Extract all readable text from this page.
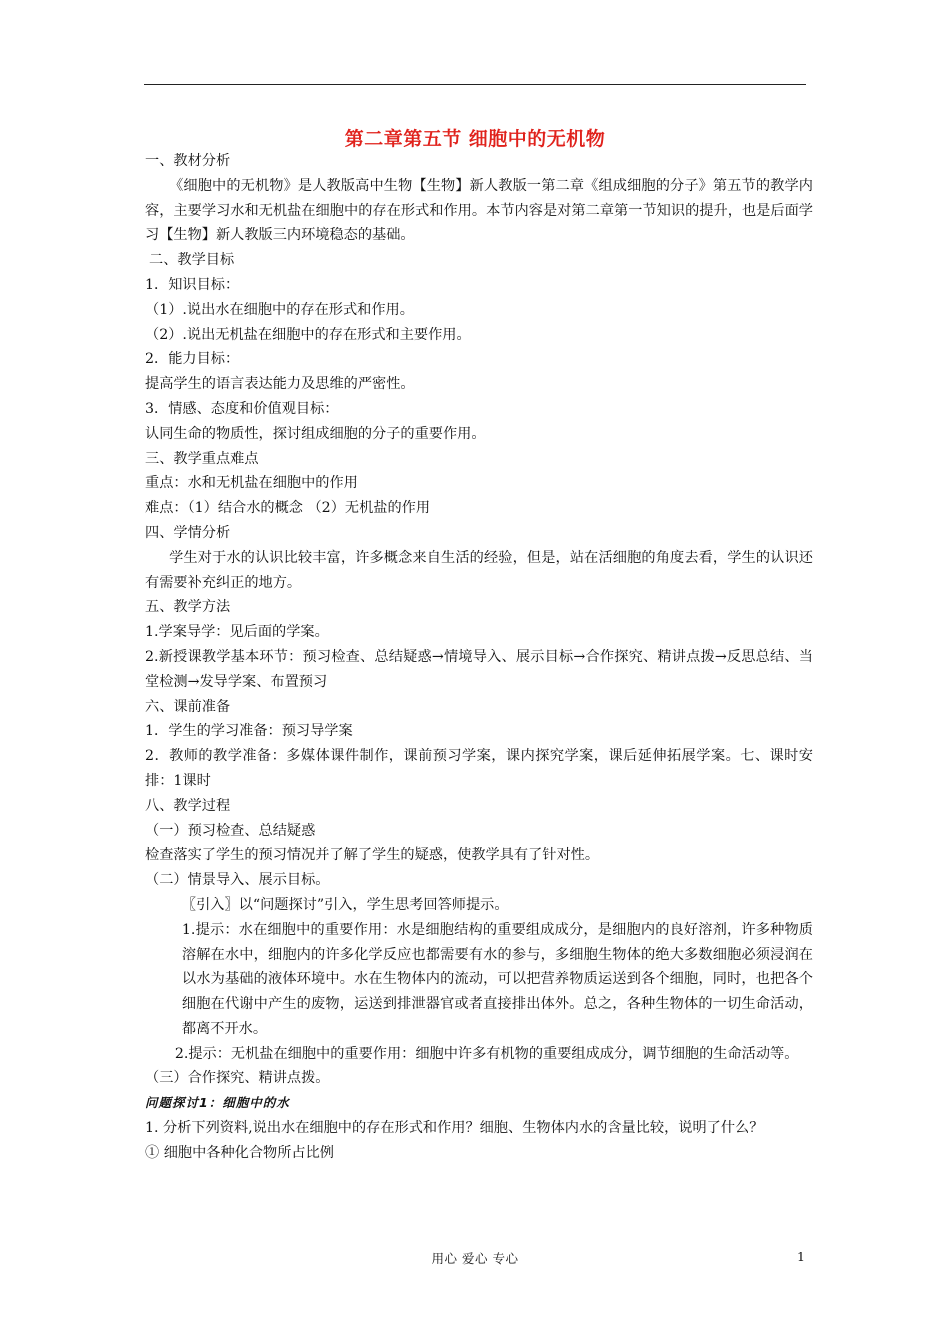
第二章第五节 细胞中的无机物

一、教材分析

《细胞中的无机物》是人教版高中生物【生物】新人教版一第二章《组成细胞的分子》第五节的教学内容，主要学习水和无机盐在细胞中的存在形式和作用。本节内容是对第二章第一节知识的提升，也是后面学习【生物】新人教版三内环境稳态的基础。

二、教学目标

1．知识目标：

（1）.说出水在细胞中的存在形式和作用。

（2）.说出无机盐在细胞中的存在形式和主要作用。

2．能力目标：

提高学生的语言表达能力及思维的严密性。

3．情感、态度和价值观目标：

认同生命的物质性，探讨组成细胞的分子的重要作用。

三、教学重点难点

重点：水和无机盐在细胞中的作用

难点：（1）结合水的概念 （2）无机盐的作用

四、学情分析

学生对于水的认识比较丰富，许多概念来自生活的经验，但是，站在活细胞的角度去看，学生的认识还有需要补充纠正的地方。

五、教学方法

1.学案导学：见后面的学案。

2.新授课教学基本环节：预习检查、总结疑惑→情境导入、展示目标→合作探究、精讲点拨→反思总结、当堂检测→发导学案、布置预习

六、课前准备

1．学生的学习准备：预习导学案

2．教师的教学准备：多媒体课件制作，课前预习学案，课内探究学案，课后延伸拓展学案。七、课时安排：1课时

八、教学过程

（一）预习检查、总结疑惑

检查落实了学生的预习情况并了解了学生的疑惑，使教学具有了针对性。

（二）情景导入、展示目标。

〖引入〗以“问题探讨”引入，学生思考回答师提示。

1.提示：水在细胞中的重要作用：水是细胞结构的重要组成成分，是细胞内的良好溶剂，许多种物质溶解在水中，细胞内的许多化学反应也都需要有水的参与，多细胞生物体的绝大多数细胞必须浸润在以水为基础的液体环境中。水在生物体内的流动，可以把营养物质运送到各个细胞，同时，也把各个细胞在代谢中产生的废物，运送到排泄器官或者直接排出体外。总之，各种生物体的一切生命活动，都离不开水。

2.提示：无机盐在细胞中的重要作用：细胞中许多有机物的重要组成成分，调节细胞的生命活动等。

（三）合作探究、精讲点拨。

问题探讨1：细胞中的水

1. 分析下列资料,说出水在细胞中的存在形式和作用？细胞、生物体内水的含量比较，说明了什么？

① 细胞中各种化合物所占比例

用心 爱心 专心	1
